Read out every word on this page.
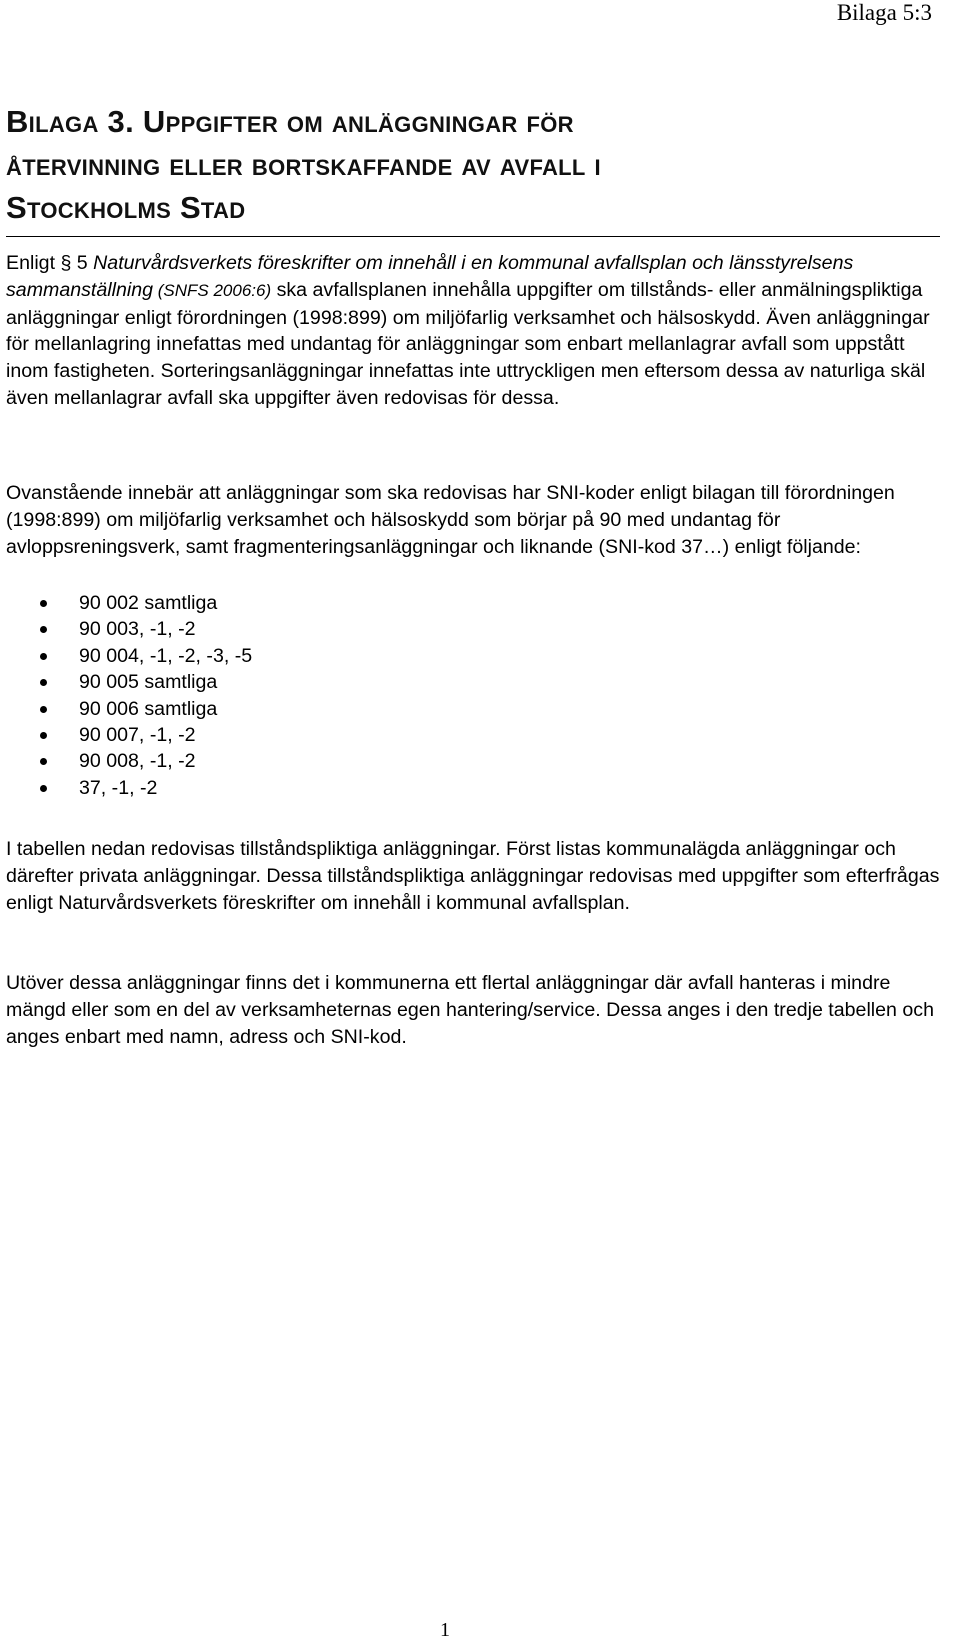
Bilaga 5:3
Bilaga 3. Uppgifter om anläggningar för
återvinning eller bortskaffande av avfall i
Stockholms Stad

Enligt § 5 Naturvårdsverkets föreskrifter om innehåll i en kommunal avfallsplan och länsstyrelsens sammanställning (SNFS 2006:6) ska avfallsplanen innehålla uppgifter om tillstånds- eller anmälningspliktiga anläggningar enligt förordningen (1998:899) om miljöfarlig verksamhet och hälsoskydd. Även anläggningar för mellanlagring innefattas med undantag för anläggningar som enbart mellanlagrar avfall som uppstått inom fastigheten. Sorteringsanläggningar innefattas inte uttryckligen men eftersom dessa av naturliga skäl även mellanlagrar avfall ska uppgifter även redovisas för dessa.

Ovanstående innebär att anläggningar som ska redovisas har SNI-koder enligt bilagan till förordningen (1998:899) om miljöfarlig verksamhet och hälsoskydd som börjar på 90 med undantag för avloppsreningsverk, samt fragmenteringsanläggningar och liknande (SNI-kod 37…) enligt följande:

90 002 samtliga
90 003, -1, -2
90 004, -1, -2, -3, -5
90 005 samtliga
90 006 samtliga
90 007, -1, -2
90 008, -1, -2
37, -1, -2

I tabellen nedan redovisas tillståndspliktiga anläggningar. Först listas kommunalägda anläggningar och därefter privata anläggningar. Dessa tillståndspliktiga anläggningar redovisas med uppgifter som efterfrågas enligt Naturvårdsverkets föreskrifter om innehåll i kommunal avfallsplan.

Utöver dessa anläggningar finns det i kommunerna ett flertal anläggningar där avfall hanteras i mindre mängd eller som en del av verksamheternas egen hantering/service. Dessa anges i den tredje tabellen och anges enbart med namn, adress och SNI-kod.

1
